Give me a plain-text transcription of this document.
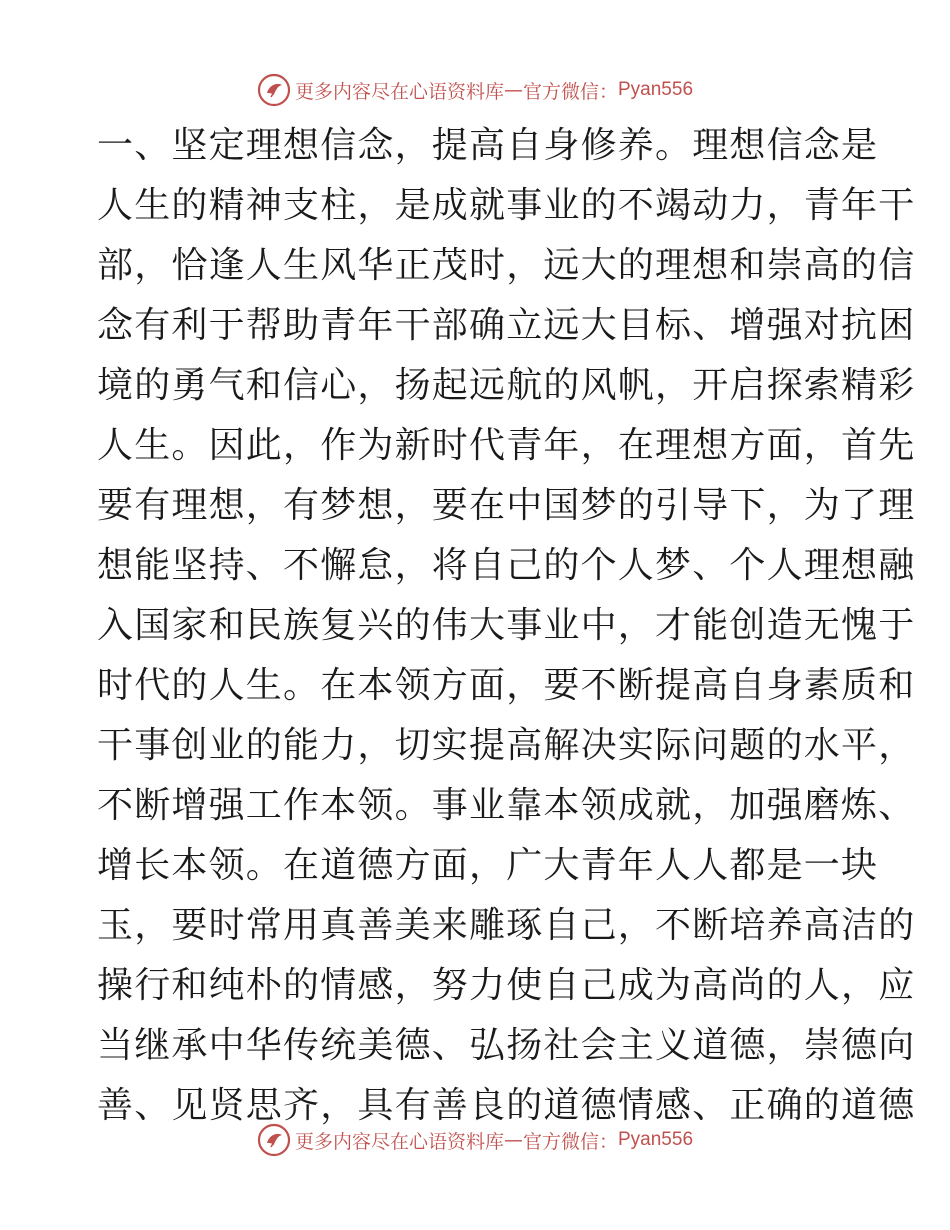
更多内容尽在心语资料库 — 官方微信： Pyan556
一、坚定理想信念，提高自身修养。理想信念是
人生的精神支柱，是成就事业的不竭动力，青年干
部，恰逢人生风华正茂时，远大的理想和崇高的信
念有利于帮助青年干部确立远大目标、增强对抗困
境的勇气和信心，扬起远航的风帆，开启探索精彩
人生。因此，作为新时代青年，在理想方面，首先
要有理想，有梦想，要在中国梦的引导下，为了理
想能坚持、不懈怠，将自己的个人梦、个人理想融
入国家和民族复兴的伟大事业中，才能创造无愧于
时代的人生。在本领方面，要不断提高自身素质和
干事创业的能力，切实提高解决实际问题的水平，
不断增强工作本领。事业靠本领成就，加强磨炼、
增长本领。在道德方面，广大青年人人都是一块
玉，要时常用真善美来雕琢自己，不断培养高洁的
操行和纯朴的情感，努力使自己成为高尚的人，应
当继承中华传统美德、弘扬社会主义道德，崇德向
善、见贤思齐，具有善良的道德情感、正确的道德
更多内容尽在心语资料库 — 官方微信： Pyan556
